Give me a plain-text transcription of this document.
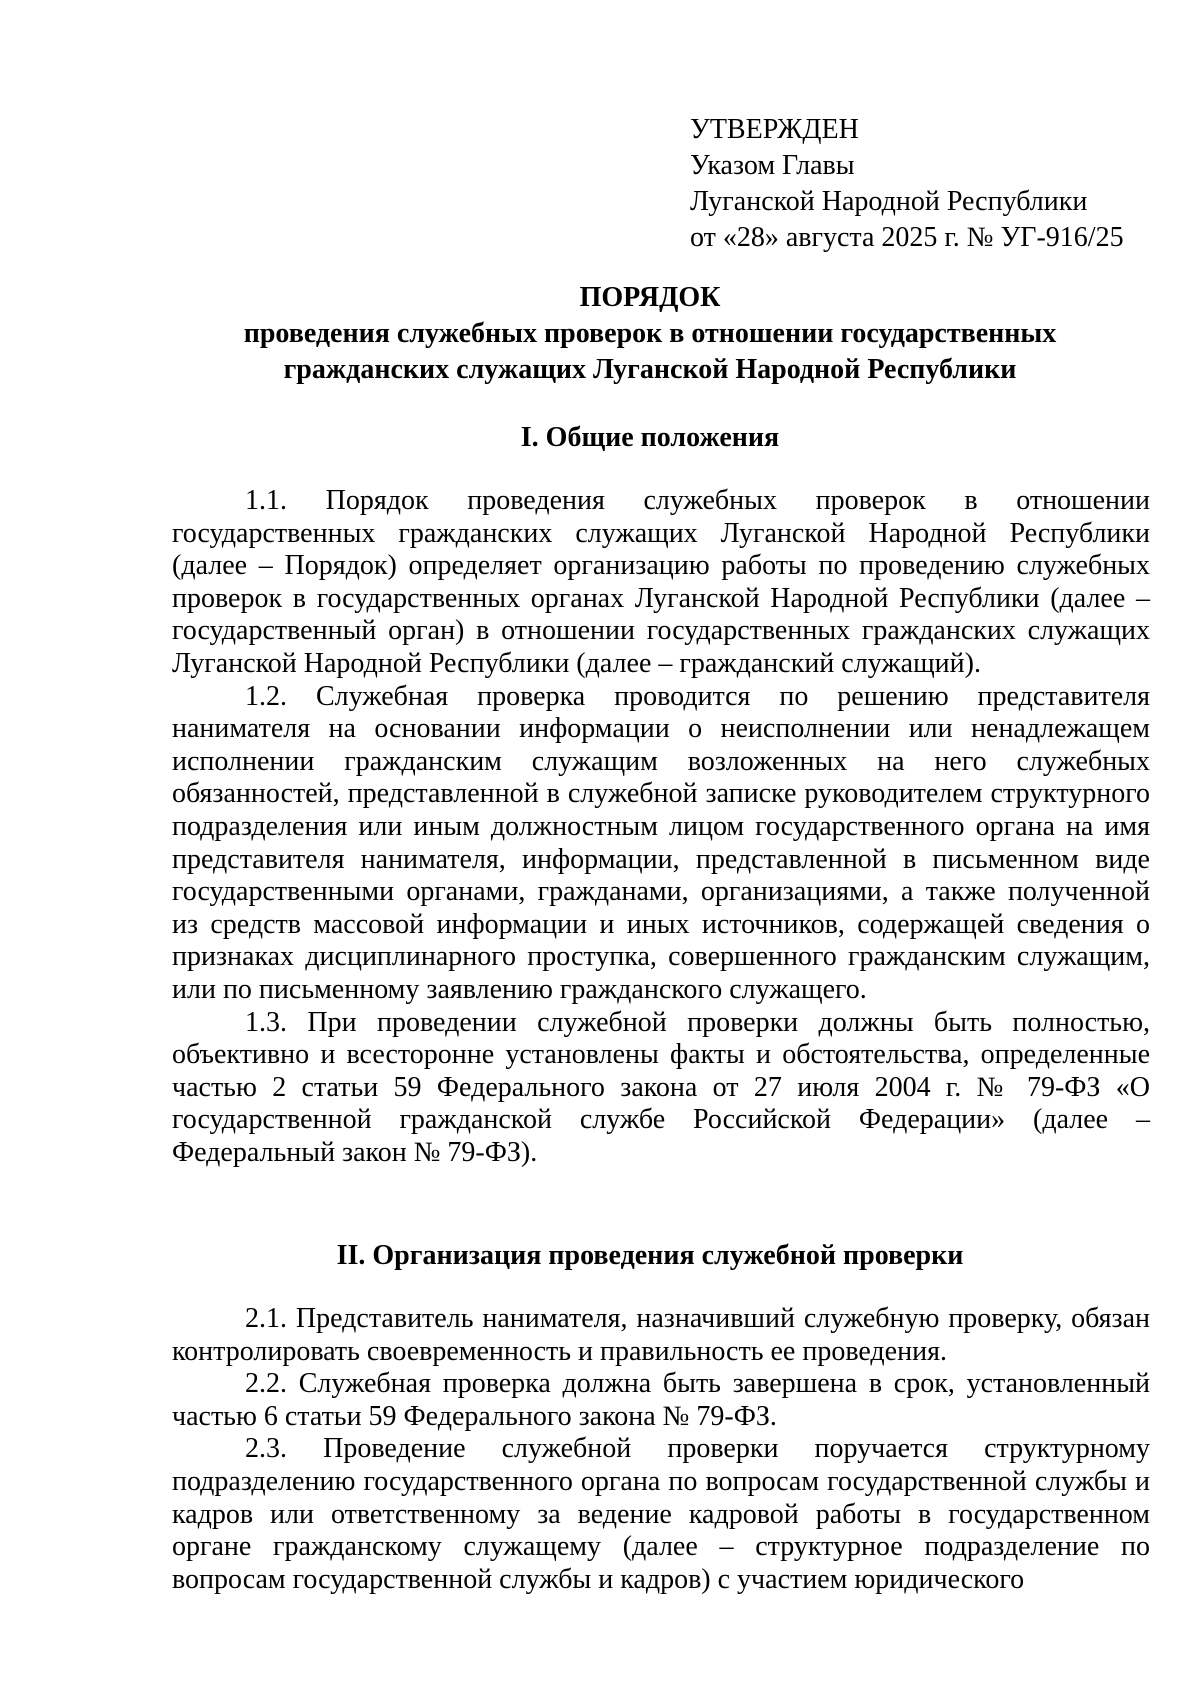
УТВЕРЖДЕН
Указом Главы
Луганской Народной Республики
от «28» августа 2025 г. № УГ-916/25
ПОРЯДОК
проведения служебных проверок в отношении государственных
гражданских служащих Луганской Народной Республики
I. Общие положения

1.1. Порядок проведения служебных проверок в отношении государственных гражданских служащих Луганской Народной Республики (далее – Порядок) определяет организацию работы по проведению служебных проверок в государственных органах Луганской Народной Республики (далее – государственный орган) в отношении государственных гражданских служащих Луганской Народной Республики (далее – гражданский служащий).

1.2. Служебная проверка проводится по решению представителя нанимателя на основании информации о неисполнении или ненадлежащем исполнении гражданским служащим возложенных на него служебных обязанностей, представленной в служебной записке руководителем структурного подразделения или иным должностным лицом государственного органа на имя представителя нанимателя, информации, представленной в письменном виде государственными органами, гражданами, организациями, а также полученной из средств массовой информации и иных источников, содержащей сведения о признаках дисциплинарного проступка, совершенного гражданским служащим, или по письменному заявлению гражданского служащего.

1.3. При проведении служебной проверки должны быть полностью, объективно и всесторонне установлены факты и обстоятельства, определенные частью 2 статьи 59 Федерального закона от 27 июля 2004 г. № 79-ФЗ «О государственной гражданской службе Российской Федерации» (далее – Федеральный закон № 79-ФЗ).

II. Организация проведения служебной проверки

2.1. Представитель нанимателя, назначивший служебную проверку, обязан контролировать своевременность и правильность ее проведения.

2.2. Служебная проверка должна быть завершена в срок, установленный частью 6 статьи 59 Федерального закона № 79-ФЗ.

2.3. Проведение служебной проверки поручается структурному подразделению государственного органа по вопросам государственной службы и кадров или ответственному за ведение кадровой работы в государственном органе гражданскому служащему (далее – структурное подразделение по вопросам государственной службы и кадров) с участием юридического
